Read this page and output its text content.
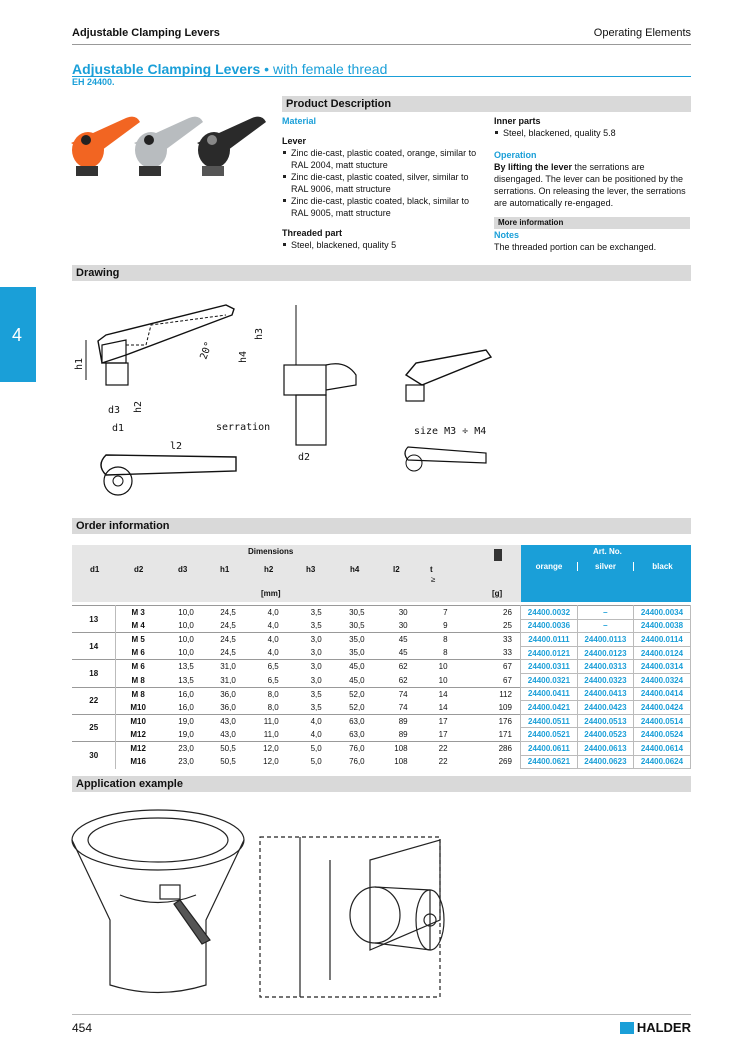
Adjustable Clamping Levers	Operating Elements
Adjustable Clamping Levers • with female thread
EH 24400.
4
Product Description
Material
Lever
Zinc die-cast, plastic coated, orange, similar to RAL 2004, matt stucture
Zinc die-cast, plastic coated, silver, similar to RAL 9006, matt structure
Zinc die-cast, plastic coated, black, similar to RAL 9005, matt structure
Threaded part
Steel, blackened, quality 5
Inner parts
Steel, blackened, quality 5.8
Operation
By lifting the lever the serrations are disengaged. The lever can be positioned by the serrations. On releasing the lever, the serrations are automatically re-engaged.
More information
Notes
The threaded portion can be exchanged.
Drawing
h1
h2
h3
h4
20°
d3
d1
l2
serration
d2
size M3 ÷ M4
Order information
Dimensions
[mm]	[g]
Art. No.
orange	silver	black
d1	d2	d3	h1	h2	h3	h4	l2	t
≥
13	M 3	10,0	24,5	4,0	3,5	30,5	30	7	26	24400.0032	–	24400.0034
	M 4	10,0	24,5	4,0	3,5	30,5	30	9	25	24400.0036	–	24400.0038
14	M 5	10,0	24,5	4,0	3,0	35,0	45	8	33	24400.0111	24400.0113	24400.0114
	M 6	10,0	24,5	4,0	3,0	35,0	45	8	33	24400.0121	24400.0123	24400.0124
18	M 6	13,5	31,0	6,5	3,0	45,0	62	10	67	24400.0311	24400.0313	24400.0314
	M 8	13,5	31,0	6,5	3,0	45,0	62	10	67	24400.0321	24400.0323	24400.0324
22	M 8	16,0	36,0	8,0	3,5	52,0	74	14	112	24400.0411	24400.0413	24400.0414
	M10	16,0	36,0	8,0	3,5	52,0	74	14	109	24400.0421	24400.0423	24400.0424
25	M10	19,0	43,0	11,0	4,0	63,0	89	17	176	24400.0511	24400.0513	24400.0514
	M12	19,0	43,0	11,0	4,0	63,0	89	17	171	24400.0521	24400.0523	24400.0524
30	M12	23,0	50,5	12,0	5,0	76,0	108	22	286	24400.0611	24400.0613	24400.0614
	M16	23,0	50,5	12,0	5,0	76,0	108	22	269	24400.0621	24400.0623	24400.0624
Application example
454	HALDER
